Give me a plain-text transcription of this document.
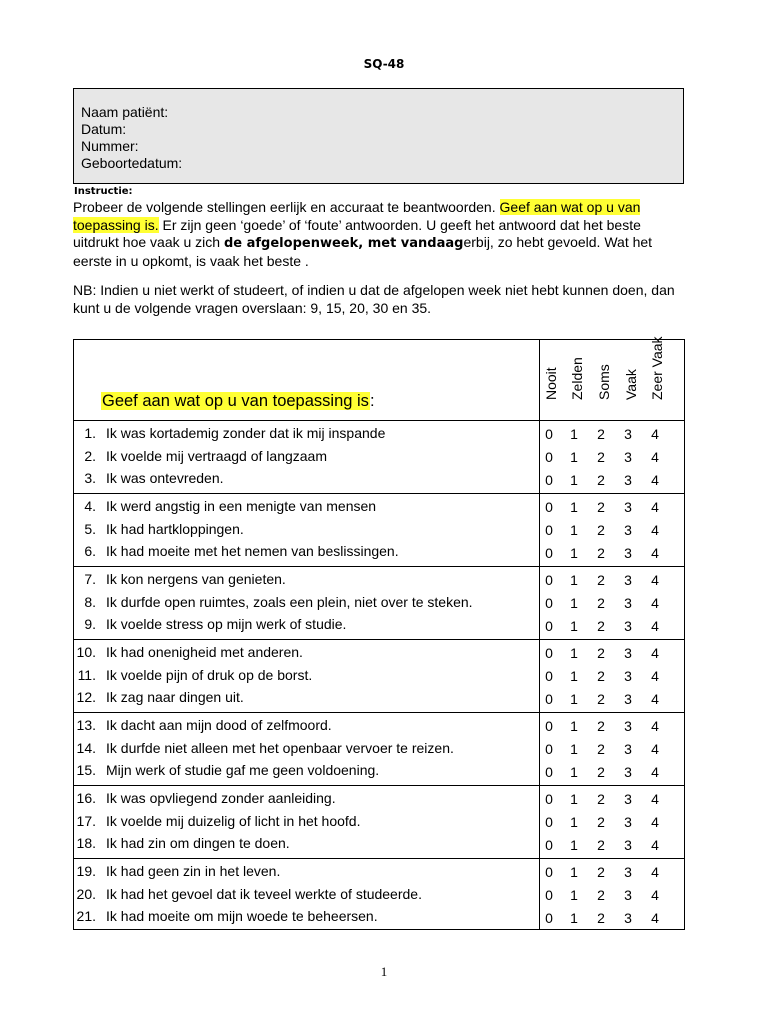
SQ-48
Naam patiënt:
Datum:
Nummer:
Geboortedatum:
Instructie:
Probeer de volgende stellingen eerlijk en accuraat te beantwoorden. Geef aan wat op u van toepassing is. Er zijn geen ‘goede’ of ‘foute’ antwoorden. U geeft het antwoord dat het beste uitdrukt hoe vaak u zich de afgelopenweek, met vandaagerbij, zo hebt gevoeld. Wat het eerste in u opkomt, is vaak het beste .
NB: Indien u niet werkt of studeert, of indien u dat de afgelopen week niet hebt kunnen doen, dan kunt u de volgende vragen overslaan: 9, 15, 20, 30 en 35.
Geef aan wat op u van toepassing is:
Nooit Zelden Soms Vaak Zeer Vaak
1. Ik was kortademig zonder dat ik mij inspande	0 1 2 3 4
2. Ik voelde mij vertraagd of langzaam	0 1 2 3 4
3. Ik was ontevreden.	0 1 2 3 4
4. Ik werd angstig in een menigte van mensen	0 1 2 3 4
5. Ik had hartkloppingen.	0 1 2 3 4
6. Ik had moeite met het nemen van beslissingen.	0 1 2 3 4
7. Ik kon nergens van genieten.	0 1 2 3 4
8. Ik durfde open ruimtes, zoals een plein, niet over te steken.	0 1 2 3 4
9. Ik voelde stress op mijn werk of studie.	0 1 2 3 4
10. Ik had onenigheid met anderen.	0 1 2 3 4
11. Ik voelde pijn of druk op de borst.	0 1 2 3 4
12. Ik zag naar dingen uit.	0 1 2 3 4
13. Ik dacht aan mijn dood of zelfmoord.	0 1 2 3 4
14. Ik durfde niet alleen met het openbaar vervoer te reizen.	0 1 2 3 4
15. Mijn werk of studie gaf me geen voldoening.	0 1 2 3 4
16. Ik was opvliegend zonder aanleiding.	0 1 2 3 4
17. Ik voelde mij duizelig of licht in het hoofd.	0 1 2 3 4
18. Ik had zin om dingen te doen.	0 1 2 3 4
19. Ik had geen zin in het leven.	0 1 2 3 4
20. Ik had het gevoel dat ik teveel werkte of studeerde.	0 1 2 3 4
21. Ik had moeite om mijn woede te beheersen.	0 1 2 3 4
1
